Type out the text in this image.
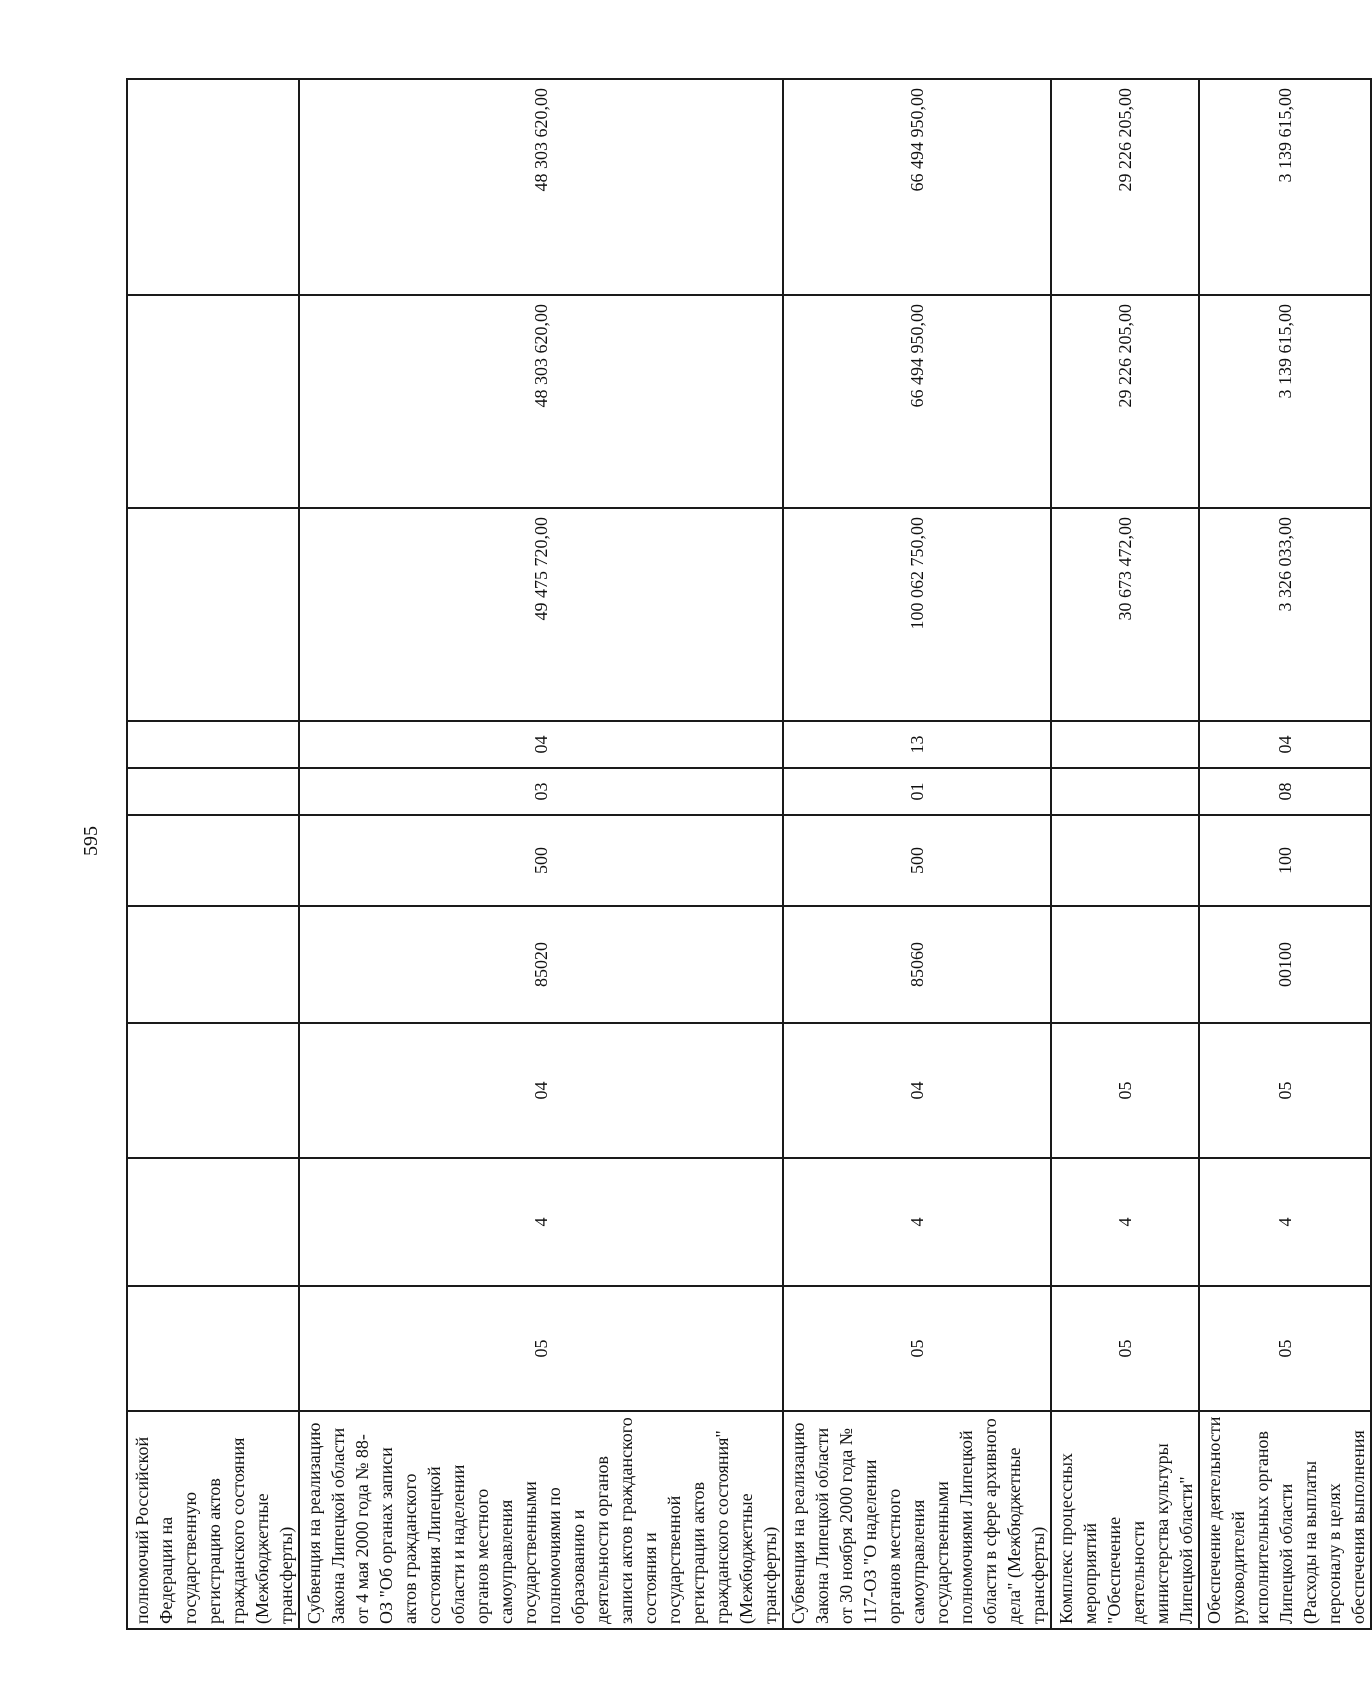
595
полномочий Российской Федерации на государственную регистрацию актов гражданского состояния (Межбюджетные трансферты)										
Субвенция на реализацию Закона Липецкой области от 4 мая 2000 года № 88-ОЗ "Об органах записи актов гражданского состояния Липецкой области и наделении органов местного самоуправления государственными полномочиями по образованию и деятельности органов записи актов гражданского состояния и государственной регистрации актов гражданского состояния" (Межбюджетные трансферты)	05	4	04	85020	500	03	04	49 475 720,00	48 303 620,00	48 303 620,00
Субвенция на реализацию Закона Липецкой области от 30 ноября 2000 года № 117-ОЗ "О наделении органов местного самоуправления государственными полномочиями Липецкой области в сфере архивного дела" (Межбюджетные трансферты)	05	4	04	85060	500	01	13	100 062 750,00	66 494 950,00	66 494 950,00
Комплекс процессных мероприятий "Обеспечение деятельности министерства культуры Липецкой области"	05	4	05					30 673 472,00	29 226 205,00	29 226 205,00
Обеспечение деятельности руководителей исполнительных органов Липецкой области (Расходы на выплаты персоналу в целях обеспечения выполнения	05	4	05	00100	100	08	04	3 326 033,00	3 139 615,00	3 139 615,00
